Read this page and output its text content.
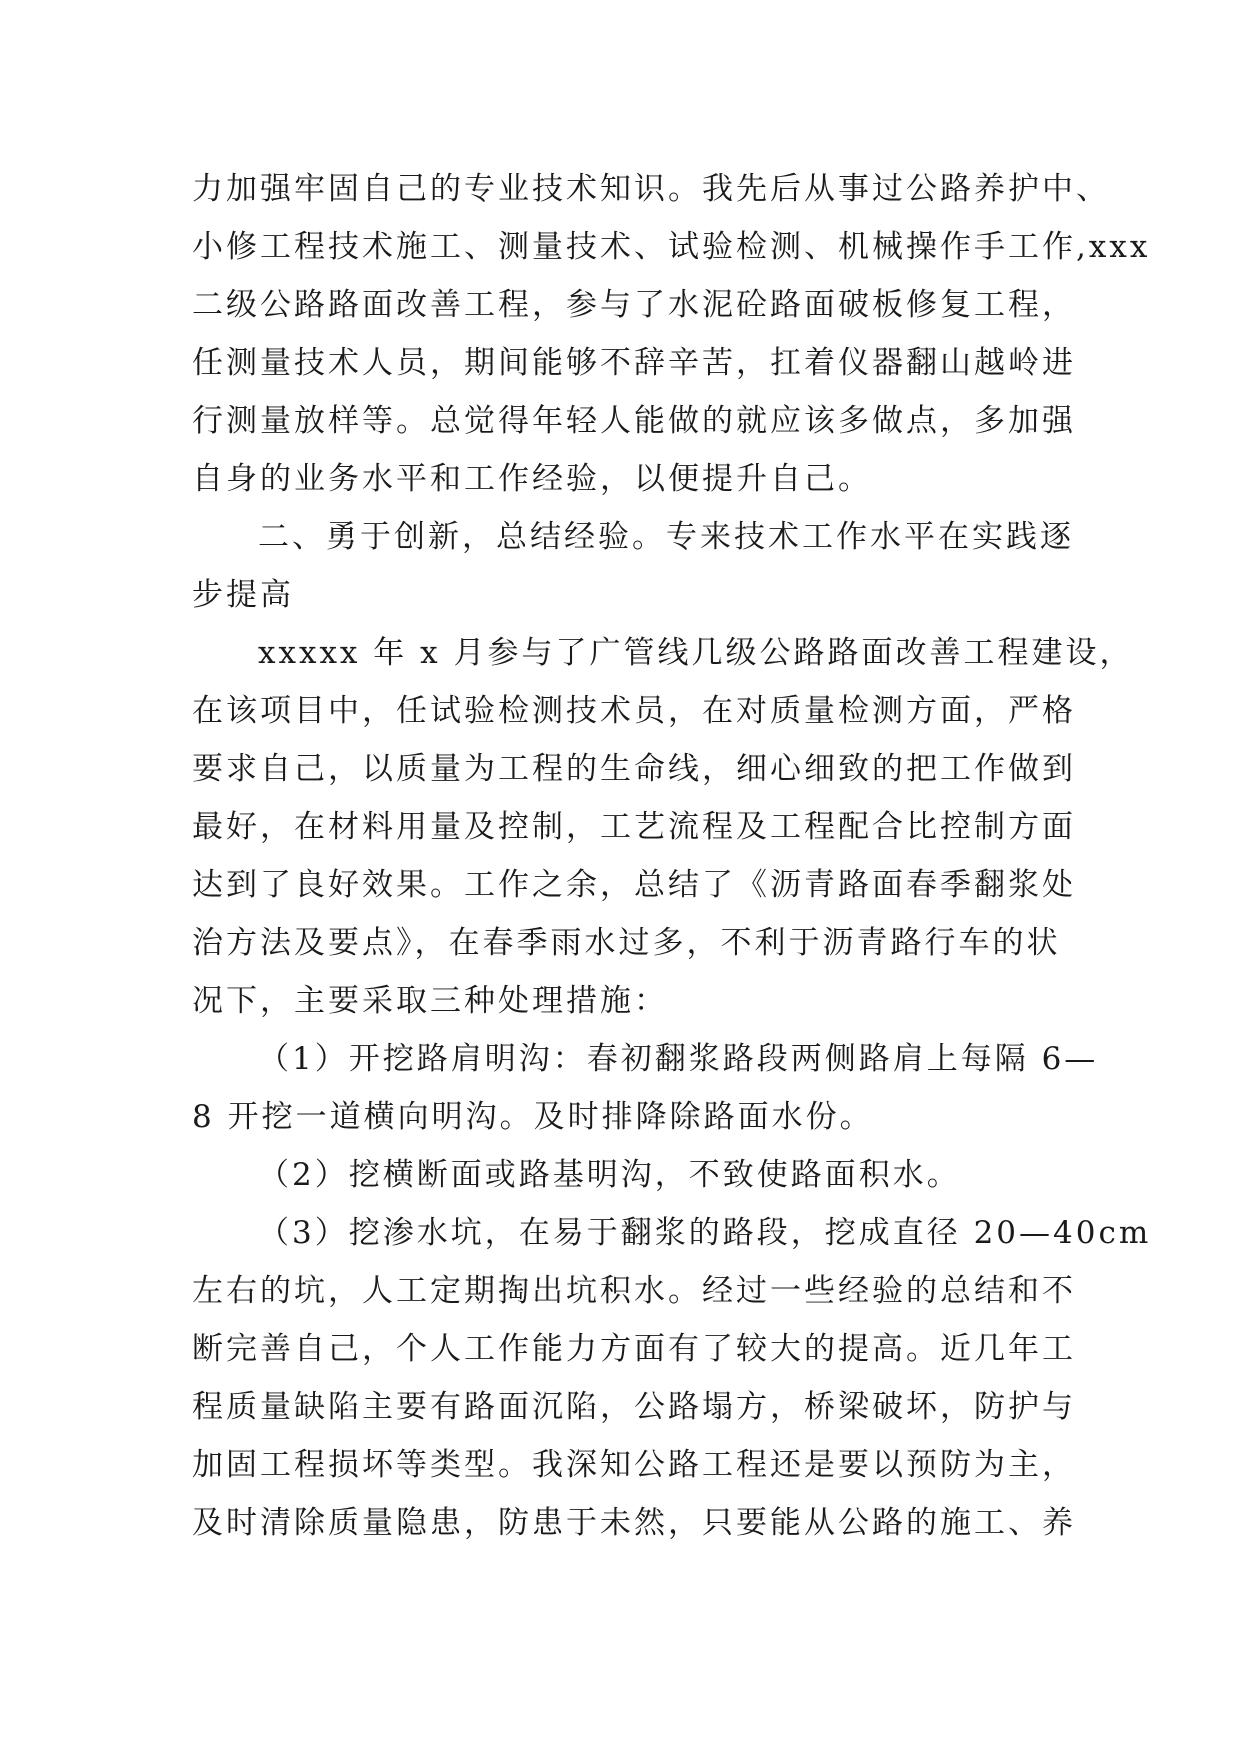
力加强牢固自己的专业技术知识。我先后从事过公路养护中、
小修工程技术施工、测量技术、试验检测、机械操作手工作,xxx
二级公路路面改善工程，参与了水泥砼路面破板修复工程，
任测量技术人员，期间能够不辞辛苦，扛着仪器翻山越岭进
行测量放样等。总觉得年轻人能做的就应该多做点，多加强
自身的业务水平和工作经验，以便提升自己。
二、勇于创新，总结经验。专来技术工作水平在实践逐
步提高
xxxxx 年 x 月参与了广管线几级公路路面改善工程建设，
在该项目中，任试验检测技术员，在对质量检测方面，严格
要求自己，以质量为工程的生命线，细心细致的把工作做到
最好，在材料用量及控制，工艺流程及工程配合比控制方面
达到了良好效果。工作之余，总结了《沥青路面春季翻浆处
治方法及要点》，在春季雨水过多，不利于沥青路行车的状
况下，主要采取三种处理措施：
（1）开挖路肩明沟：春初翻浆路段两侧路肩上每隔 6—
8 开挖一道横向明沟。及时排降除路面水份。
（2）挖横断面或路基明沟，不致使路面积水。
（3）挖渗水坑，在易于翻浆的路段，挖成直径 20—40cm
左右的坑，人工定期掏出坑积水。经过一些经验的总结和不
断完善自己，个人工作能力方面有了较大的提高。近几年工
程质量缺陷主要有路面沉陷，公路塌方，桥梁破坏，防护与
加固工程损坏等类型。我深知公路工程还是要以预防为主，
及时清除质量隐患，防患于未然，只要能从公路的施工、养
